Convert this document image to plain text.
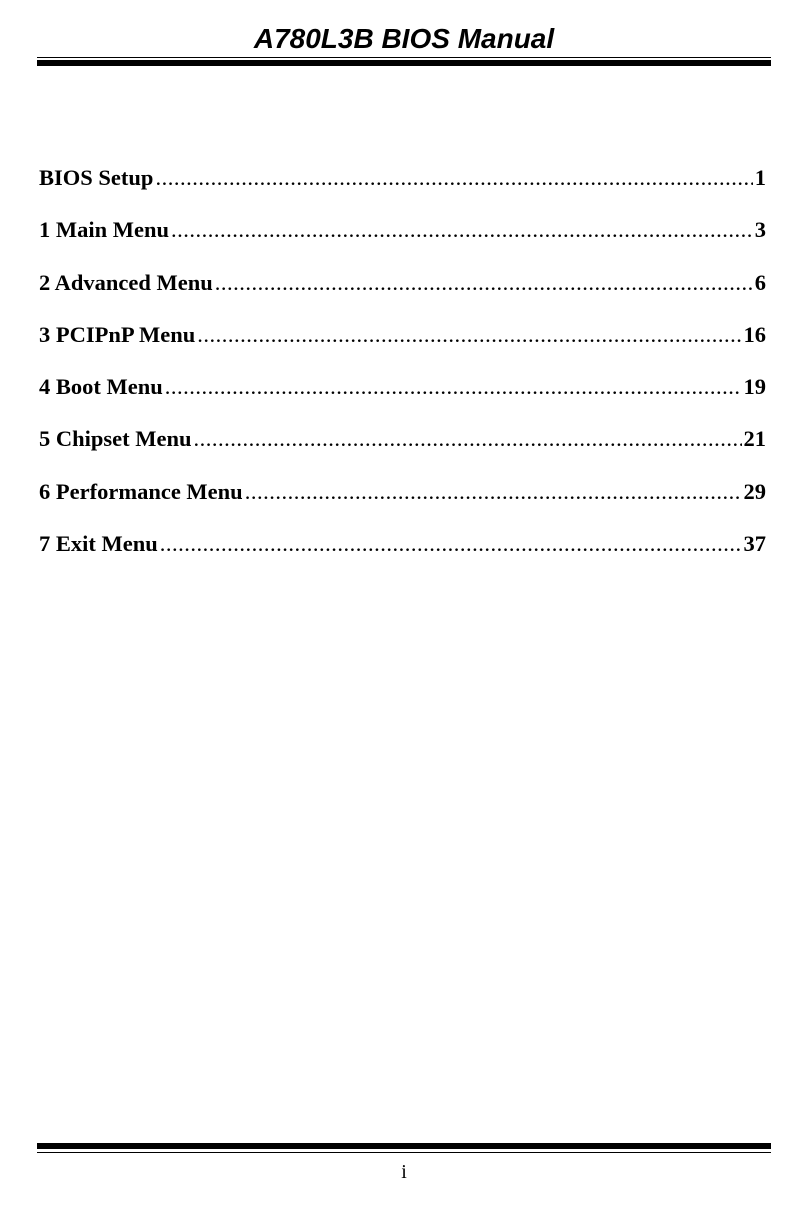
A780L3B BIOS Manual
BIOS Setup .....	1
1 Main Menu .....	3
2 Advanced Menu .....	6
3 PCIPnP Menu .....	16
4 Boot Menu .....	19
5 Chipset Menu .....	21
6 Performance Menu .....	29
7 Exit Menu .....	37
i
